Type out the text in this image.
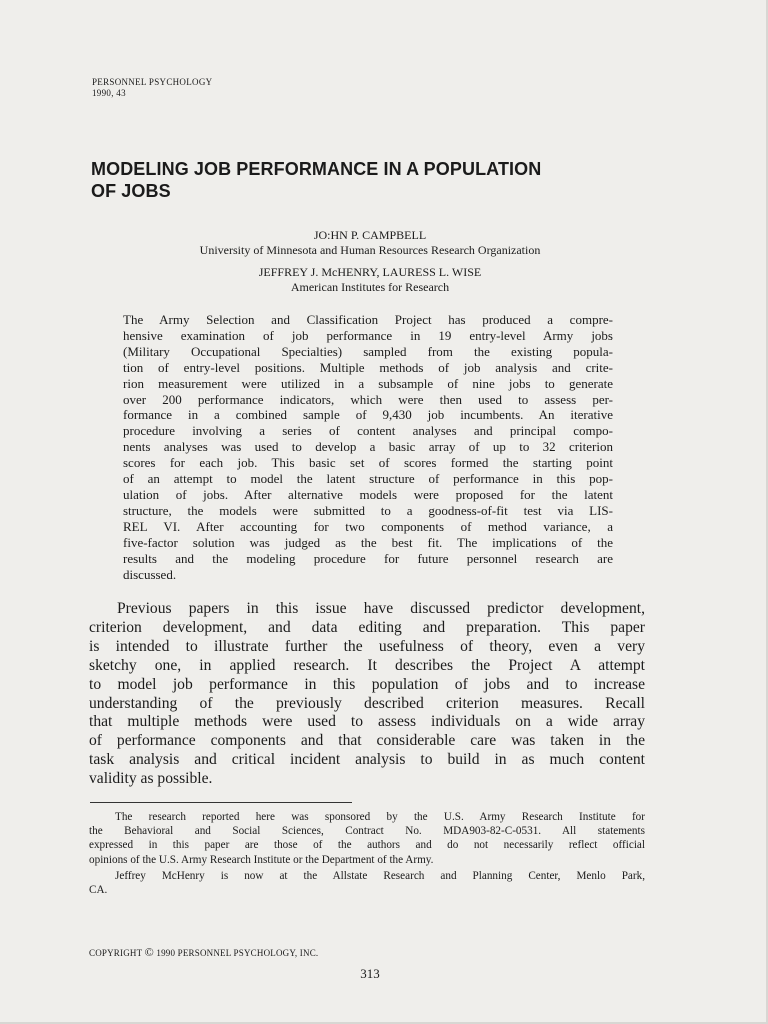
PERSONNEL PSYCHOLOGY
1990, 43
MODELING JOB PERFORMANCE IN A POPULATION
OF JOBS
JO:HN P. CAMPBELL
University of Minnesota and Human Resources Research Organization
JEFFREY J. McHENRY, LAURESS L. WISE
American Institutes for Research
The Army Selection and Classification Project has produced a compre-
hensive examination of job performance in 19 entry-level Army jobs
(Military Occupational Specialties) sampled from the existing popula-
tion of entry-level positions. Multiple methods of job analysis and crite-
rion measurement were utilized in a subsample of nine jobs to generate
over 200 performance indicators, which were then used to assess per-
formance in a combined sample of 9,430 job incumbents. An iterative
procedure involving a series of content analyses and principal compo-
nents analyses was used to develop a basic array of up to 32 criterion
scores for each job. This basic set of scores formed the starting point
of an attempt to model the latent structure of performance in this pop-
ulation of jobs. After alternative models were proposed for the latent
structure, the models were submitted to a goodness-of-fit test via LIS-
REL VI. After accounting for two components of method variance, a
five-factor solution was judged as the best fit. The implications of the
results and the modeling procedure for future personnel research are
discussed.
Previous papers in this issue have discussed predictor development,
criterion development, and data editing and preparation. This paper
is intended to illustrate further the usefulness of theory, even a very
sketchy one, in applied research. It describes the Project A attempt
to model job performance in this population of jobs and to increase
understanding of the previously described criterion measures. Recall
that multiple methods were used to assess individuals on a wide array
of performance components and that considerable care was taken in the
task analysis and critical incident analysis to build in as much content
validity as possible.
The research reported here was sponsored by the U.S. Army Research Institute for
the Behavioral and Social Sciences, Contract No. MDA903-82-C-0531. All statements
expressed in this paper are those of the authors and do not necessarily reflect official
opinions of the U.S. Army Research Institute or the Department of the Army.
Jeffrey McHenry is now at the Allstate Research and Planning Center, Menlo Park,
CA.
COPYRIGHT © 1990 PERSONNEL PSYCHOLOGY, INC.
313
